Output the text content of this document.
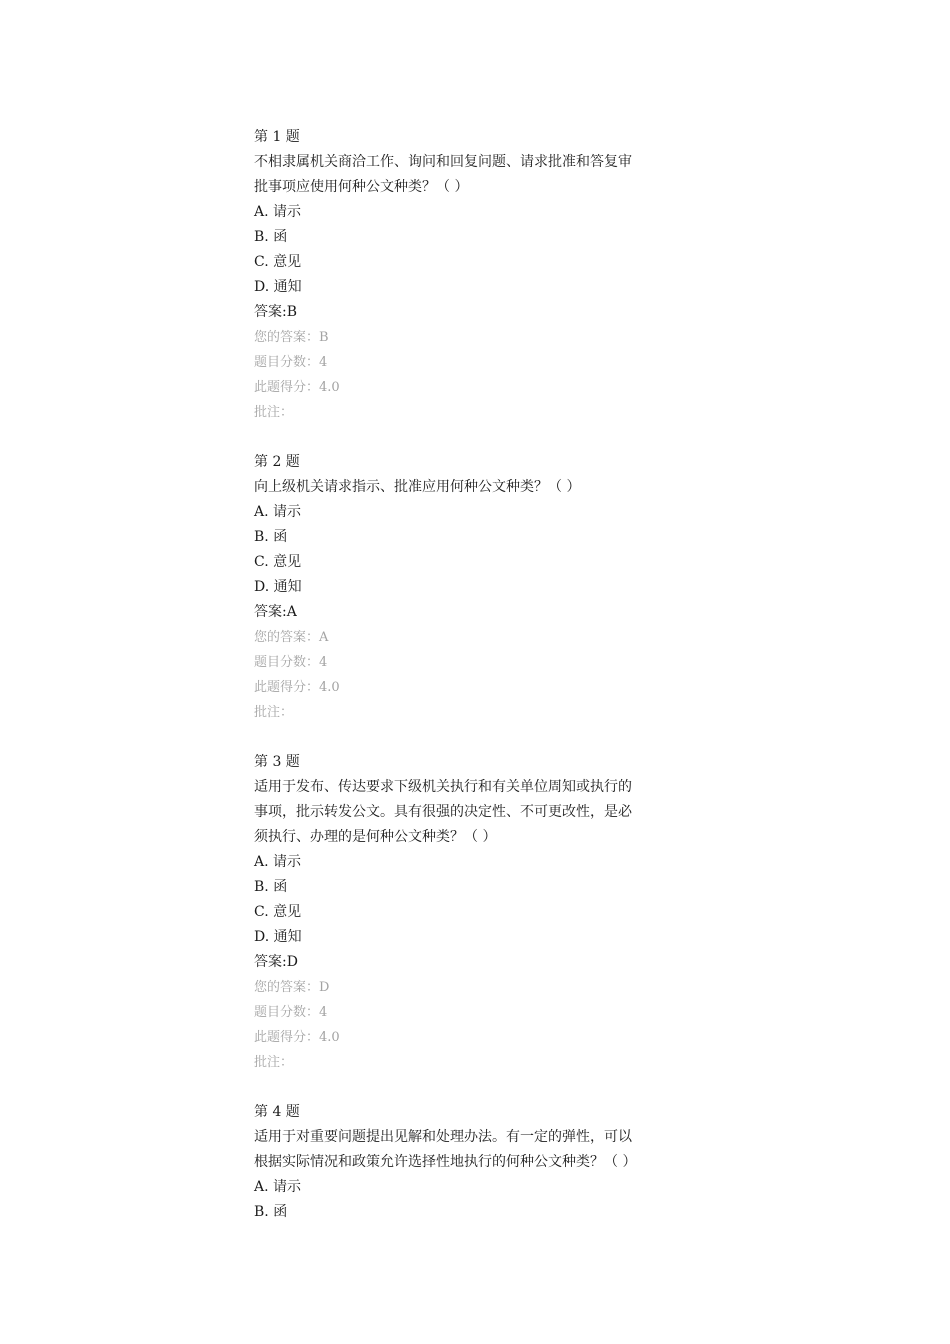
第 1 题
不相隶属机关商洽工作、询问和回复问题、请求批准和答复审
批事项应使用何种公文种类？（ ）
A. 请示
B. 函
C. 意见
D. 通知
答案:B
您的答案：B
题目分数：4
此题得分：4.0
批注：
第 2 题
向上级机关请求指示、批准应用何种公文种类？（ ）
A. 请示
B. 函
C. 意见
D. 通知
答案:A
您的答案：A
题目分数：4
此题得分：4.0
批注：
第 3 题
适用于发布、传达要求下级机关执行和有关单位周知或执行的
事项，批示转发公文。具有很强的决定性、不可更改性，是必
须执行、办理的是何种公文种类？（ ）
A. 请示
B. 函
C. 意见
D. 通知
答案:D
您的答案：D
题目分数：4
此题得分：4.0
批注：
第 4 题
适用于对重要问题提出见解和处理办法。有一定的弹性，可以
根据实际情况和政策允许选择性地执行的何种公文种类？（ ）
A. 请示
B. 函
